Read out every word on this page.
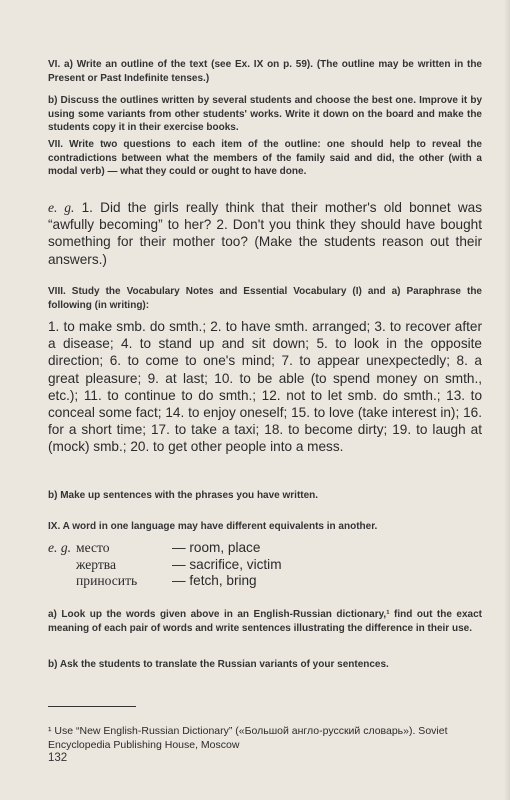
VI. a) Write an outline of the text (see Ex. IX on p. 59). (The outline may be written in the Present or Past Indefinite tenses.)

b) Discuss the outlines written by several students and choose the best one. Improve it by using some variants from other students' works. Write it down on the board and make the students copy it in their exercise books.

VII. Write two questions to each item of the outline: one should help to reveal the contradictions between what the members of the family said and did, the other (with a modal verb) — what they could or ought to have done.

e. g. 1. Did the girls really think that their mother's old bonnet was “awfully becoming” to her? 2. Don't you think they should have bought something for their mother too? (Make the students reason out their answers.)

VIII. Study the Vocabulary Notes and Essential Vocabulary (I) and a) Paraphrase the following (in writing):

1. to make smb. do smth.; 2. to have smth. arranged; 3. to recover after a disease; 4. to stand up and sit down; 5. to look in the opposite direction; 6. to come to one's mind; 7. to appear unexpectedly; 8. a great pleasure; 9. at last; 10. to be able (to spend money on smth., etc.); 11. to continue to do smth.; 12. not to let smb. do smth.; 13. to conceal some fact; 14. to enjoy oneself; 15. to love (take interest in); 16. for a short time; 17. to take a taxi; 18. to become dirty; 19. to laugh at (mock) smb.; 20. to get other people into a mess.

b) Make up sentences with the phrases you have written.

IX. A word in one language may have different equivalents in another.

e. g. место	— room, place
жертва	— sacrifice, victim
приносить	— fetch, bring

a) Look up the words given above in an English-Russian dictionary,¹ find out the exact meaning of each pair of words and write sentences illustrating the difference in their use.

b) Ask the students to translate the Russian variants of your sentences.

¹ Use “New English-Russian Dictionary” («Большой англо-русский словарь»). Soviet Encyclopedia Publishing House, Moscow

132
